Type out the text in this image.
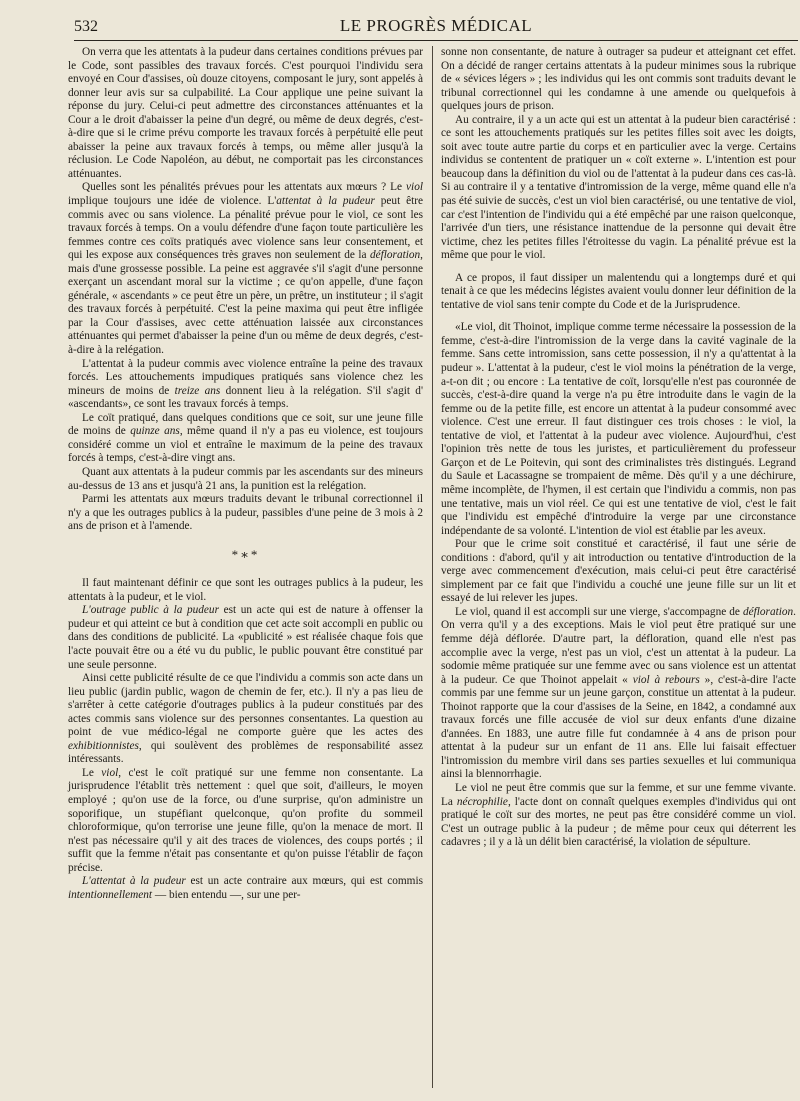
532	LE PROGRÈS MÉDICAL

On verra que les attentats à la pudeur dans certaines conditions prévues par le Code, sont passibles des travaux forcés. C'est pourquoi l'individu sera envoyé en Cour d'assises, où douze citoyens, composant le jury, sont appelés à donner leur avis sur sa culpabilité. La Cour applique une peine suivant la réponse du jury. Celui-ci peut admettre des circonstances atténuantes et la Cour a le droit d'abaisser la peine d'un degré, ou même de deux degrés, c'est-à-dire que si le crime prévu comporte les travaux forcés à perpétuité elle peut abaisser la peine aux travaux forcés à temps, ou même aller jusqu'à la réclusion. Le Code Napoléon, au début, ne comportait pas les circonstances atténuantes.

Quelles sont les pénalités prévues pour les attentats aux mœurs ? Le viol implique toujours une idée de violence. L'attentat à la pudeur peut être commis avec ou sans violence. La pénalité prévue pour le viol, ce sont les travaux forcés à temps. On a voulu défendre d'une façon toute particulière les femmes contre ces coïts pratiqués avec violence sans leur consentement, et qui les expose aux conséquences très graves non seulement de la défloration, mais d'une grossesse possible. La peine est aggravée s'il s'agit d'une personne exerçant un ascendant moral sur la victime ; ce qu'on appelle, d'une façon générale, « ascendants » ce peut être un père, un prêtre, un instituteur ; il s'agit des travaux forcés à perpétuité. C'est la peine maxima qui peut être infligée par la Cour d'assises, avec cette atténuation laissée aux circonstances atténuantes qui permet d'abaisser la peine d'un ou même de deux degrés, c'est-à-dire à la relégation.

L'attentat à la pudeur commis avec violence entraîne la peine des travaux forcés. Les attouchements impudiques pratiqués sans violence chez les mineurs de moins de treize ans donnent lieu à la relégation. S'il s'agit d' «ascendants», ce sont les travaux forcés à temps.

Le coït pratiqué, dans quelques conditions que ce soit, sur une jeune fille de moins de quinze ans, même quand il n'y a pas eu violence, est toujours considéré comme un viol et entraîne le maximum de la peine des travaux forcés à temps, c'est-à-dire vingt ans.

Quant aux attentats à la pudeur commis par les ascendants sur des mineurs au-dessus de 13 ans et jusqu'à 21 ans, la punition est la relégation.

Parmi les attentats aux mœurs traduits devant le tribunal correctionnel il n'y a que les outrages publics à la pudeur, passibles d'une peine de 3 mois à 2 ans de prison et à l'amende.

*∗*

Il faut maintenant définir ce que sont les outrages publics à la pudeur, les attentats à la pudeur, et le viol.

L'outrage public à la pudeur est un acte qui est de nature à offenser la pudeur et qui atteint ce but à condition que cet acte soit accompli en public ou dans des conditions de publicité. La «publicité » est réalisée chaque fois que l'acte pouvait être ou a été vu du public, le public pouvant être constitué par une seule personne.

Ainsi cette publicité résulte de ce que l'individu a commis son acte dans un lieu public (jardin public, wagon de chemin de fer, etc.). Il n'y a pas lieu de s'arrêter à cette catégorie d'outrages publics à la pudeur constitués par des actes commis sans violence sur des personnes consentantes. La question au point de vue médico-légal ne comporte guère que les actes des exhibitionnistes, qui soulèvent des problèmes de responsabilité assez intéressants.

Le viol, c'est le coït pratiqué sur une femme non consentante. La jurisprudence l'établit très nettement : quel que soit, d'ailleurs, le moyen employé ; qu'on use de la force, ou d'une surprise, qu'on administre un soporifique, un stupéfiant quelconque, qu'on profite du sommeil chloroformique, qu'on terrorise une jeune fille, qu'on la menace de mort. Il n'est pas nécessaire qu'il y ait des traces de violences, des coups portés ; il suffit que la femme n'était pas consentante et qu'on puisse l'établir de façon précise.

L'attentat à la pudeur est un acte contraire aux mœurs, qui est commis intentionnellement — bien entendu —, sur une per-

sonne non consentante, de nature à outrager sa pudeur et atteignant cet effet. On a décidé de ranger certains attentats à la pudeur minimes sous la rubrique de « sévices légers » ; les individus qui les ont commis sont traduits devant le tribunal correctionnel qui les condamne à une amende ou quelquefois à quelques jours de prison.

Au contraire, il y a un acte qui est un attentat à la pudeur bien caractérisé : ce sont les attouchements pratiqués sur les petites filles soit avec les doigts, soit avec toute autre partie du corps et en particulier avec la verge. Certains individus se contentent de pratiquer un « coït externe ». L'intention est pour beaucoup dans la définition du viol ou de l'attentat à la pudeur dans ces cas-là. Si au contraire il y a tentative d'intromission de la verge, même quand elle n'a pas été suivie de succès, c'est un viol bien caractérisé, ou une tentative de viol, car c'est l'intention de l'individu qui a été empêché par une raison quelconque, l'arrivée d'un tiers, une résistance inattendue de la personne qui devait être victime, chez les petites filles l'étroitesse du vagin. La pénalité prévue est la même que pour le viol.

A ce propos, il faut dissiper un malentendu qui a longtemps duré et qui tenait à ce que les médecins légistes avaient voulu donner leur définition de la tentative de viol sans tenir compte du Code et de la Jurisprudence.

«Le viol, dit Thoinot, implique comme terme nécessaire la possession de la femme, c'est-à-dire l'intromission de la verge dans la cavité vaginale de la femme. Sans cette intromission, sans cette possession, il n'y a qu'attentat à la pudeur ». L'attentat à la pudeur, c'est le viol moins la pénétration de la verge, a-t-on dit ; ou encore : La tentative de coït, lorsqu'elle n'est pas couronnée de succès, c'est-à-dire quand la verge n'a pu être introduite dans le vagin de la femme ou de la petite fille, est encore un attentat à la pudeur consommé avec violence. C'est une erreur. Il faut distinguer ces trois choses : le viol, la tentative de viol, et l'attentat à la pudeur avec violence. Aujourd'hui, c'est l'opinion très nette de tous les juristes, et particulièrement du professeur Garçon et de Le Poitevin, qui sont des criminalistes très distingués. Legrand du Saule et Lacassagne se trompaient de même. Dès qu'il y a une déchirure, même incomplète, de l'hymen, il est certain que l'individu a commis, non pas une tentative, mais un viol réel. Ce qui est une tentative de viol, c'est le fait que l'individu est empêché d'introduire la verge par une circonstance indépendante de sa volonté. L'intention de viol est établie par les aveux.

Pour que le crime soit constitué et caractérisé, il faut une série de conditions : d'abord, qu'il y ait introduction ou tentative d'introduction de la verge avec commencement d'exécution, mais celui-ci peut être caractérisé simplement par ce fait que l'individu a couché une jeune fille sur un lit et essayé de lui relever les jupes.

Le viol, quand il est accompli sur une vierge, s'accompagne de défloration. On verra qu'il y a des exceptions. Mais le viol peut être pratiqué sur une femme déjà déflorée. D'autre part, la défloration, quand elle n'est pas accomplie avec la verge, n'est pas un viol, c'est un attentat à la pudeur. La sodomie même pratiquée sur une femme avec ou sans violence est un attentat à la pudeur. Ce que Thoinot appelait « viol à rebours », c'est-à-dire l'acte commis par une femme sur un jeune garçon, constitue un attentat à la pudeur. Thoinot rapporte que la cour d'assises de la Seine, en 1842, a condamné aux travaux forcés une fille accusée de viol sur deux enfants d'une dizaine d'années. En 1883, une autre fille fut condamnée à 4 ans de prison pour attentat à la pudeur sur un enfant de 11 ans. Elle lui faisait effectuer l'intromission du membre viril dans ses parties sexuelles et lui communiqua ainsi la blennorrhagie.

Le viol ne peut être commis que sur la femme, et sur une femme vivante. La nécrophilie, l'acte dont on connaît quelques exemples d'individus qui ont pratiqué le coït sur des mortes, ne peut pas être considéré comme un viol. C'est un outrage public à la pudeur ; de même pour ceux qui déterrent les cadavres ; il y a là un délit bien caractérisé, la violation de sépulture.
